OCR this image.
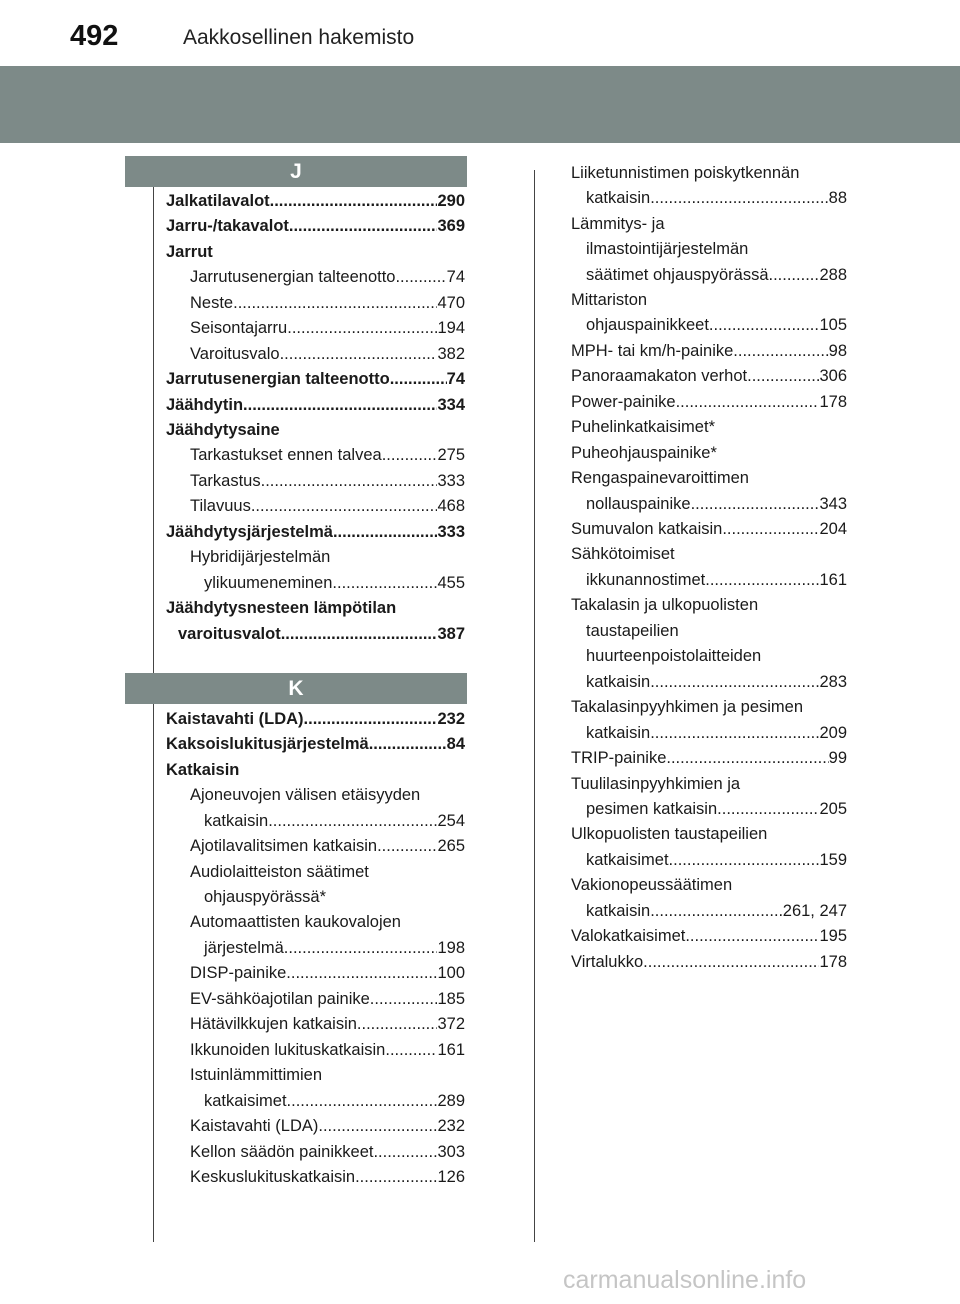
492	Aakkosellinen hakemisto
J
K
Jalkatilavalot .....	290
Jarru-/takavalot .....	369
Jarrut
Jarrutusenergian talteenotto .....	74
Neste .....	470
Seisontajarru .....	194
Varoitusvalo .....	382
Jarrutusenergian talteenotto .....	74
Jäähdytin .....	334
Jäähdytysaine
Tarkastukset ennen talvea .....	275
Tarkastus .....	333
Tilavuus .....	468
Jäähdytysjärjestelmä .....	333
Hybridijärjestelmän
ylikuumeneminen .....	455
Jäähdytysnesteen lämpötilan
varoitusvalot .....	387
Kaistavahti (LDA) .....	232
Kaksoislukitusjärjestelmä .....	84
Katkaisin
Ajoneuvojen välisen etäisyyden
katkaisin .....	254
Ajotilavalitsimen katkaisin .....	265
Audiolaitteiston säätimet
ohjauspyörässä*
Automaattisten kaukovalojen
järjestelmä .....	198
DISP-painike .....	100
EV-sähköajotilan painike .....	185
Hätävilkkujen katkaisin .....	372
Ikkunoiden lukituskatkaisin .....	161
Istuinlämmittimien
katkaisimet .....	289
Kaistavahti (LDA) .....	232
Kellon säädön painikkeet .....	303
Keskuslukituskatkaisin .....	126
Liiketunnistimen poiskytkennän
katkaisin .....	88
Lämmitys- ja
ilmastointijärjestelmän
säätimet ohjauspyörässä .....	288
Mittariston
ohjauspainikkeet .....	105
MPH- tai km/h-painike .....	98
Panoraamakaton verhot .....	306
Power-painike .....	178
Puhelinkatkaisimet*
Puheohjauspainike*
Rengaspainevaroittimen
nollauspainike .....	343
Sumuvalon katkaisin .....	204
Sähkötoimiset
ikkunannostimet .....	161
Takalasin ja ulkopuolisten
taustapeilien
huurteenpoistolaitteiden
katkaisin .....	283
Takalasinpyyhkimen ja pesimen
katkaisin .....	209
TRIP-painike .....	99
Tuulilasinpyyhkimien ja
pesimen katkaisin .....	205
Ulkopuolisten taustapeilien
katkaisimet .....	159
Vakionopeussäätimen
katkaisin .....	261, 247
Valokatkaisimet .....	195
Virtalukko .....	178
carmanualsonline.info
